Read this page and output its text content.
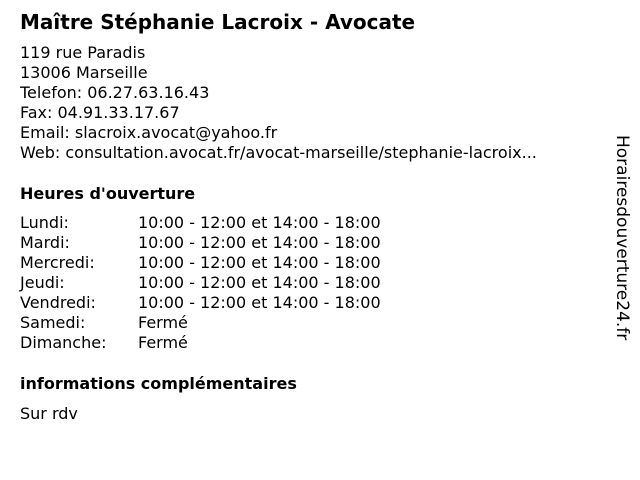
Maître Stéphanie Lacroix - Avocate
119 rue Paradis
13006 Marseille
Telefon: 06.27.63.16.43
Fax: 04.91.33.17.67
Email: slacroix.avocat@yahoo.fr
Web: consultation.avocat.fr/avocat-marseille/stephanie-lacroix...
Heures d'ouverture
Lundi:	10:00 - 12:00 et 14:00 - 18:00
Mardi:	10:00 - 12:00 et 14:00 - 18:00
Mercredi:	10:00 - 12:00 et 14:00 - 18:00
Jeudi:	10:00 - 12:00 et 14:00 - 18:00
Vendredi:	10:00 - 12:00 et 14:00 - 18:00
Samedi:	Fermé
Dimanche:	Fermé
informations complémentaires
Sur rdv
Horairesdouverture24.fr
